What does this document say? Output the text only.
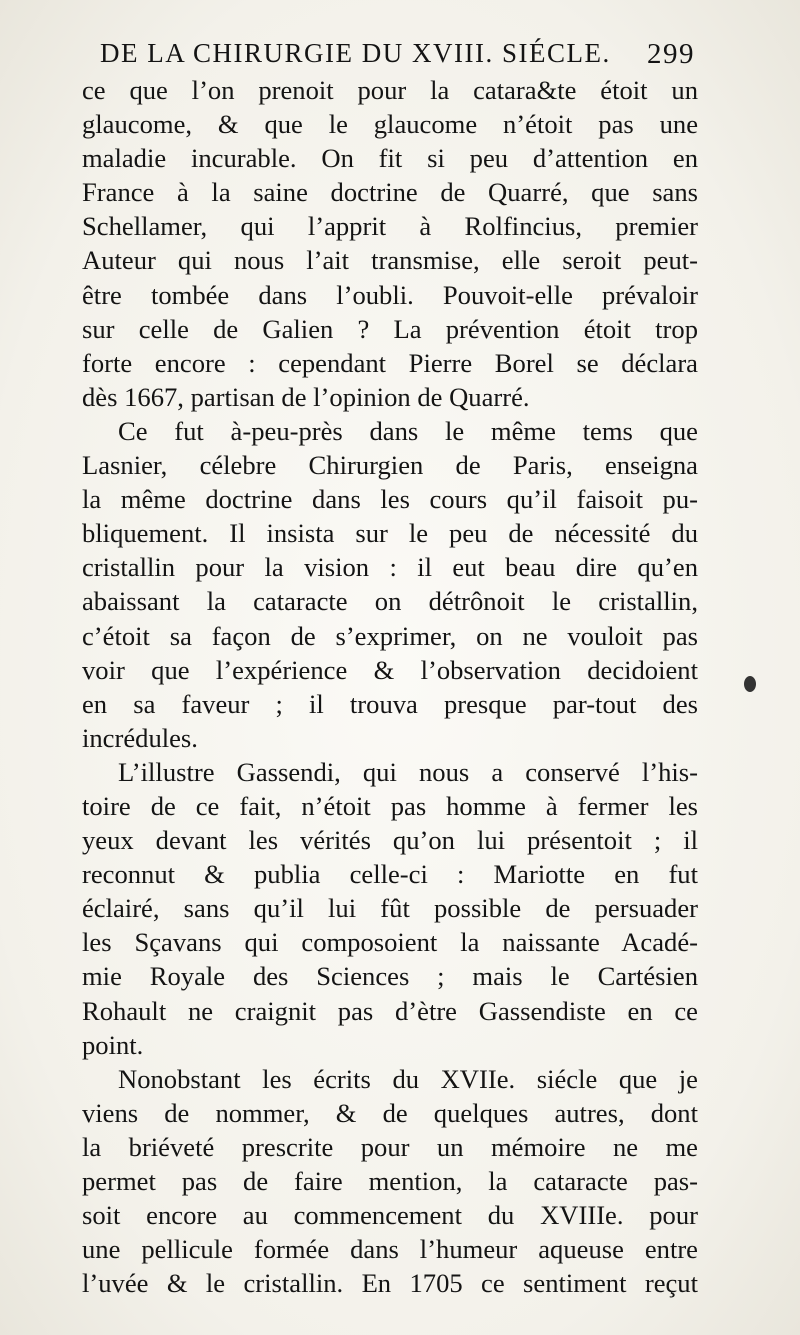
DE LA CHIRURGIE DU XVIII. SIÉCLE. 299
ce que l’on prenoit pour la catara&te étoit un
glaucome, & que le glaucome n’étoit pas une
maladie incurable. On fit si peu d’attention en
France à la saine doctrine de Quarré, que sans
Schellamer, qui l’apprit à Rolfincius, premier
Auteur qui nous l’ait transmise, elle seroit peut-
être tombée dans l’oubli. Pouvoit-elle prévaloir
sur celle de Galien ? La prévention étoit trop
forte encore : cependant Pierre Borel se déclara
dès 1667, partisan de l’opinion de Quarré.
Ce fut à-peu-près dans le même tems que
Lasnier, célebre Chirurgien de Paris, enseigna
la même doctrine dans les cours qu’il faisoit pu-
bliquement. Il insista sur le peu de nécessité du
cristallin pour la vision : il eut beau dire qu’en
abaissant la cataracte on détrônoit le cristallin,
c’étoit sa façon de s’exprimer, on ne vouloit pas
voir que l’expérience & l’observation decidoient
en sa faveur ; il trouva presque par-tout des
incrédules.
L’illustre Gassendi, qui nous a conservé l’his-
toire de ce fait, n’étoit pas homme à fermer les
yeux devant les vérités qu’on lui présentoit ; il
reconnut & publia celle-ci : Mariotte en fut
éclairé, sans qu’il lui fût possible de persuader
les Sçavans qui composoient la naissante Acadé-
mie Royale des Sciences ; mais le Cartésien
Rohault ne craignit pas d’ètre Gassendiste en ce
point.
Nonobstant les écrits du XVIIe. siécle que je
viens de nommer, & de quelques autres, dont
la briéveté prescrite pour un mémoire ne me
permet pas de faire mention, la cataracte pas-
soit encore au commencement du XVIIIe. pour
une pellicule formée dans l’humeur aqueuse entre
l’uvée & le cristallin. En 1705 ce sentiment reçut
